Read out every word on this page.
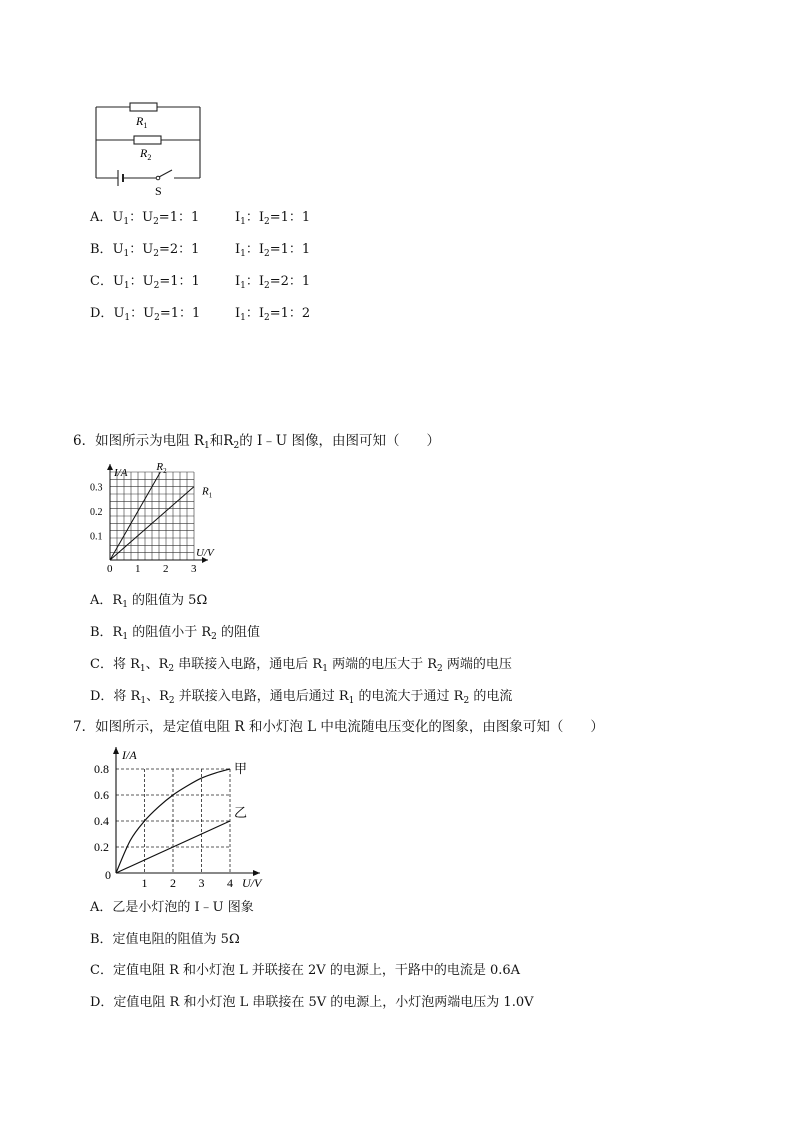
$R_1$
$R_2$
S
A．$U_1$：$U_2=1$：1	$I_1$：$I_2=1$：1
B．$U_1$：$U_2=2$：1	$I_1$：$I_2=1$：1
C．$U_1$：$U_2=1$：1	$I_1$：$I_2=2$：1
D．$U_1$：$U_2=1$：1	$I_1$：$I_2=1$：2
6．如图所示为电阻 $R_1$和$R_2$的 I﹣U 图像，由图可知（　　）
0 1 2 3
0.1
0.2
0.3
I/A
U/V
$R_1$
$R_2$
A．$R_1$ 的阻值为 5Ω
B．$R_1$ 的阻值小于 $R_2$ 的阻值
C．将 $R_1$、$R_2$ 串联接入电路，通电后 $R_1$ 两端的电压大于 $R_2$ 两端的电压
D．将 $R_1$、$R_2$ 并联接入电路，通电后通过 $R_1$ 的电流大于通过 $R_2$ 的电流
7．如图所示，是定值电阻 R 和小灯泡 L 中电流随电压变化的图象，由图象可知（　　）
0
1 2 3 4
0.2
0.4
0.6
0.8
I/A
U/V
甲
乙
A．乙是小灯泡的 I﹣U 图象
B．定值电阻的阻值为 5Ω
C．定值电阻 R 和小灯泡 L 并联接在 2V 的电源上，干路中的电流是 0.6A
D．定值电阻 R 和小灯泡 L 串联接在 5V 的电源上，小灯泡两端电压为 1.0V
